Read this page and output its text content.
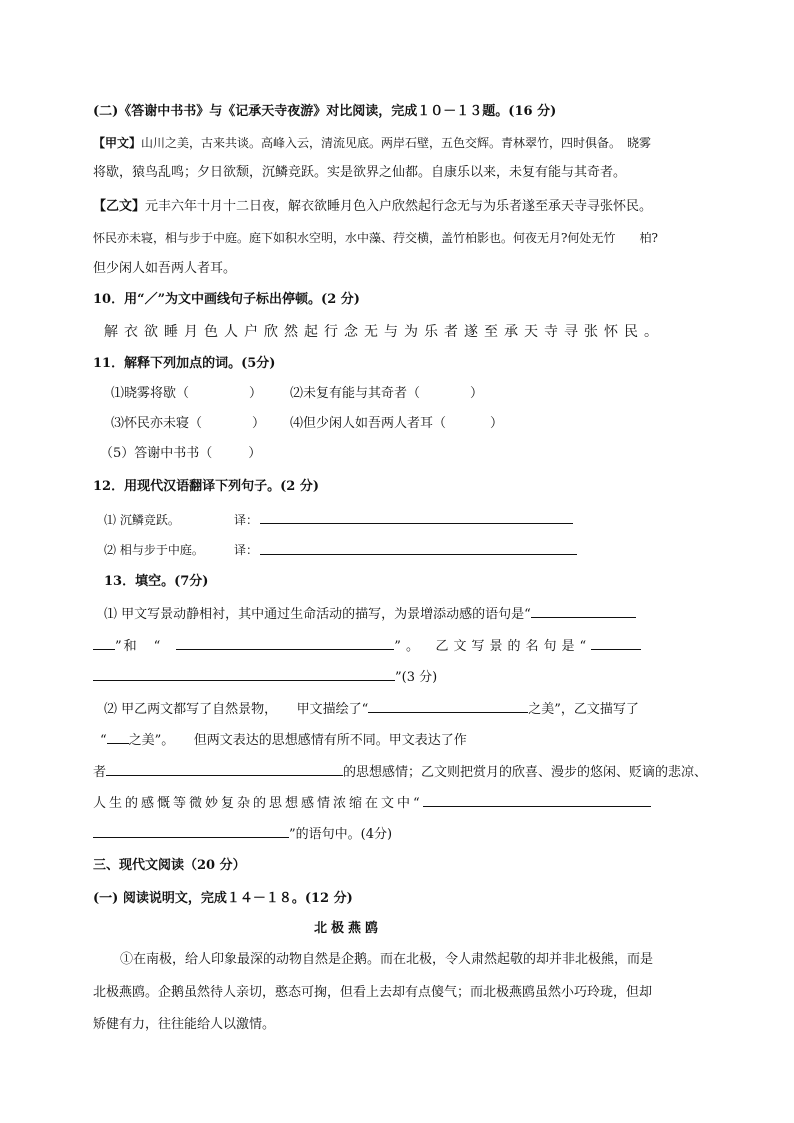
(二)《答谢中书书》与《记承天寺夜游》对比阅读，完成１０－１３题。(16 分)
【甲文】山川之美，古来共谈。高峰入云，清流见底。两岸石壁，五色交辉。青林翠竹，四时俱备。　晓雾
将歇，猿鸟乱鸣；夕日欲颓，沉鳞竞跃。实是欲界之仙都。自康乐以来，未复有能与其奇者。
【乙文】元丰六年十月十二日夜，解衣欲睡月色入户欣然起行念无与为乐者遂至承天寺寻张怀民。
怀民亦未寝，相与步于中庭。庭下如积水空明，水中藻、荇交横，盖竹柏影也。何夜无月?何处无竹　　柏?
但少闲人如吾两人者耳。
10．用“／”为文中画线句子标出停顿。(2 分)
解衣欲睡月色人户欣然起行念无与为乐者遂至承天寺寻张怀民。
11．解释下列加点的词。(5分)
⑴晓雾将歇（	） ⑵未复有能与其奇者（	）
⑶怀民亦未寝（	） ⑷但少闲人如吾两人者耳（	）
（5）答谢中书书（	）
12．用现代汉语翻译下列句子。(2 分)
⑴ 沉鳞竞跃。	译：
⑵ 相与步于中庭。	译：
13．填空。(7分)
⑴ 甲文写景动静相衬，其中通过生命活动的描写，为景增添动感的语句是“
”和　“	”。　乙文写景的名句是“
”(3 分)
⑵ 甲乙两文都写了自然景物，　　甲文描绘了“	之美”，乙文描写了
“ 之美”。　　但两文表达的思想感情有所不同。甲文表达了作
者	的思想感情；乙文则把赏月的欣喜、漫步的悠闲、贬谪的悲凉、
人生的感慨等微妙复杂的思想感情浓缩在文中“
”的语句中。(4分)
三、现代文阅读（20 分）
(一) 阅读说明文，完成１４－１８。(12 分)
北极燕鸥
①在南极，给人印象最深的动物自然是企鹅。而在北极，令人肃然起敬的却并非北极熊，而是
北极燕鸥。企鹅虽然待人亲切，憨态可掬，但看上去却有点傻气；而北极燕鸥虽然小巧玲珑，但却
矫健有力，往往能给人以激情。
